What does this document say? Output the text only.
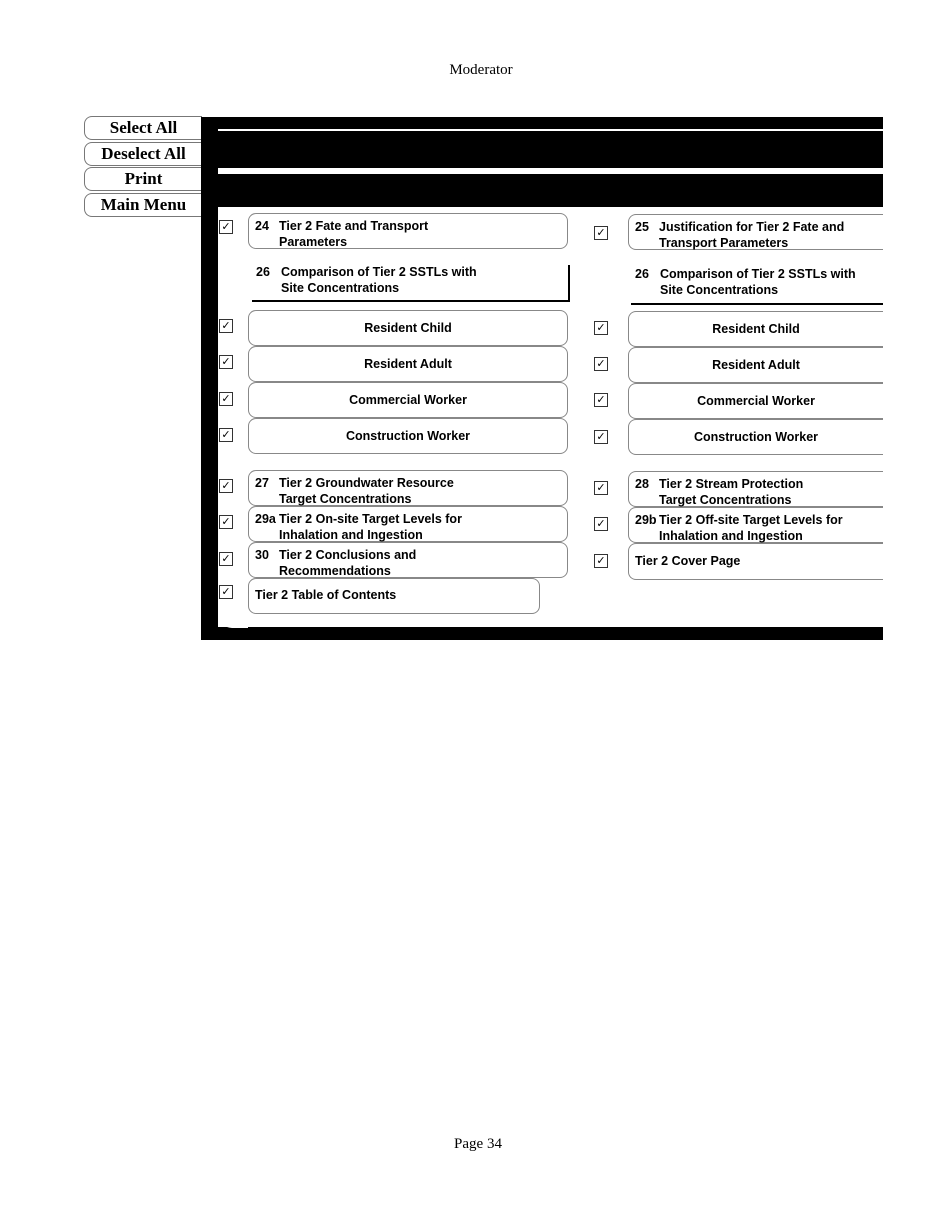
Moderator
Select All
Deselect All
Print
Main Menu
✓ 24 Tier 2 Fate and Transport
Parameters
26 Comparison of Tier 2 SSTLs with
Site Concentrations
✓	Resident Child
✓	Resident Adult
✓	Commercial Worker
✓	Construction Worker
✓ 27 Tier 2 Groundwater Resource
Target Concentrations
✓ 29a Tier 2 On-site Target Levels for
Inhalation and Ingestion
✓ 30 Tier 2 Conclusions and
Recommendations
✓ Tier 2 Table of Contents
✓ 25 Justification for Tier 2 Fate and
Transport Parameters
26 Comparison of Tier 2 SSTLs with
Site Concentrations
✓	Resident Child
✓	Resident Adult
✓	Commercial Worker
✓	Construction Worker
✓ 28 Tier 2 Stream Protection
Target Concentrations
✓ 29b Tier 2 Off-site Target Levels for
Inhalation and Ingestion
✓ Tier 2 Cover Page
Page 34
